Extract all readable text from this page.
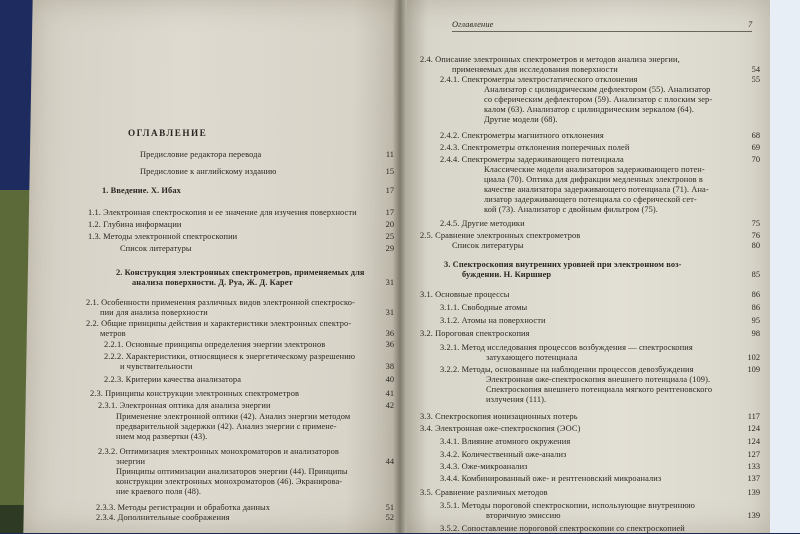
ОГЛАВЛЕНИЕ
Предисловие редактора перевода	11
Предисловие к английскому изданию	15
1. Введение. Х. Ибах	17
1.1. Электронная спектроскопия и ее значение для изучения поверхности	17
1.2. Глубина информации	20
1.3. Методы электронной спектроскопии	25
Список литературы	29
2. Конструкция электронных спектрометров, применяемых для
анализа поверхности. Д. Руа, Ж. Д. Карет	31
2.1. Особенности применения различных видов электронной спектроско-
пии для анализа поверхности	31
2.2. Общие принципы действия и характеристики электронных спектро-
метров	36
2.2.1. Основные принципы определения энергии электронов	36
2.2.2. Характеристики, относящиеся к энергетическому разрешению
и чувствительности	38
2.2.3. Критерии качества анализатора	40
2.3. Принципы конструкции электронных спектрометров	41
2.3.1. Электронная оптика для анализа энергии	42
Применение электронной оптики (42). Анализ энергии методом
предварительной задержки (42). Анализ энергии с примене-
нием мод развертки (43).
2.3.2. Оптимизация электронных монохроматоров и анализаторов
энергии	44
Принципы оптимизации анализаторов энергии (44). Принципы
конструкции электронных монохроматоров (46). Экранирова-
ние краевого поля (48).
2.3.3. Методы регистрации и обработка данных	51
2.3.4. Дополнительные соображения	52
Оглавление	7
2.4. Описание электронных спектрометров и методов анализа энергии,
применяемых для исследования поверхности	54
2.4.1. Спектрометры электростатического отклонения	55
Анализатор с цилиндрическим дефлектором (55). Анализатор
со сферическим дефлектором (59). Анализатор с плоским зер-
калом (63). Анализатор с цилиндрическим зеркалом (64).
Другие модели (68).
2.4.2. Спектрометры магнитного отклонения	68
2.4.3. Спектрометры отклонения поперечных полей	69
2.4.4. Спектрометры задерживающего потенциала	70
Классические модели анализаторов задерживающего потен-
циала (70). Оптика для дифракции медленных электронов в
качестве анализатора задерживающего потенциала (71). Ана-
лизатор задерживающего потенциала со сферической сет-
кой (73). Анализатор с двойным фильтром (75).
2.4.5. Другие методики	75
2.5. Сравнение электронных спектрометров	76
Список литературы	80
3. Спектроскопия внутренних уровней при электронном воз-
буждении. Н. Киршнер	85
3.1. Основные процессы	86
3.1.1. Свободные атомы	86
3.1.2. Атомы на поверхности	95
3.2. Пороговая спектроскопия	98
3.2.1. Метод исследования процессов возбуждения — спектроскопия
затухающего потенциала	102
3.2.2. Методы, основанные на наблюдении процессов девозбуждения	109
Электронная оже-спектроскопия внешнего потенциала (109).
Спектроскопия внешнего потенциала мягкого рентгеновского
излучения (111).
3.3. Спектроскопия ионизационных потерь	117
3.4. Электронная оже-спектроскопия (ЭОС)	124
3.4.1. Влияние атомного окружения	124
3.4.2. Количественный оже-анализ	127
3.4.3. Оже-микроанализ	133
3.4.4. Комбинированный оже- и рентгеновский микроанализ	137
3.5. Сравнение различных методов	139
3.5.1. Методы пороговой спектроскопии, использующие внутреннюю
вторичную эмиссию	139
3.5.2. Сопоставление пороговой спектроскопии со спектроскопией
